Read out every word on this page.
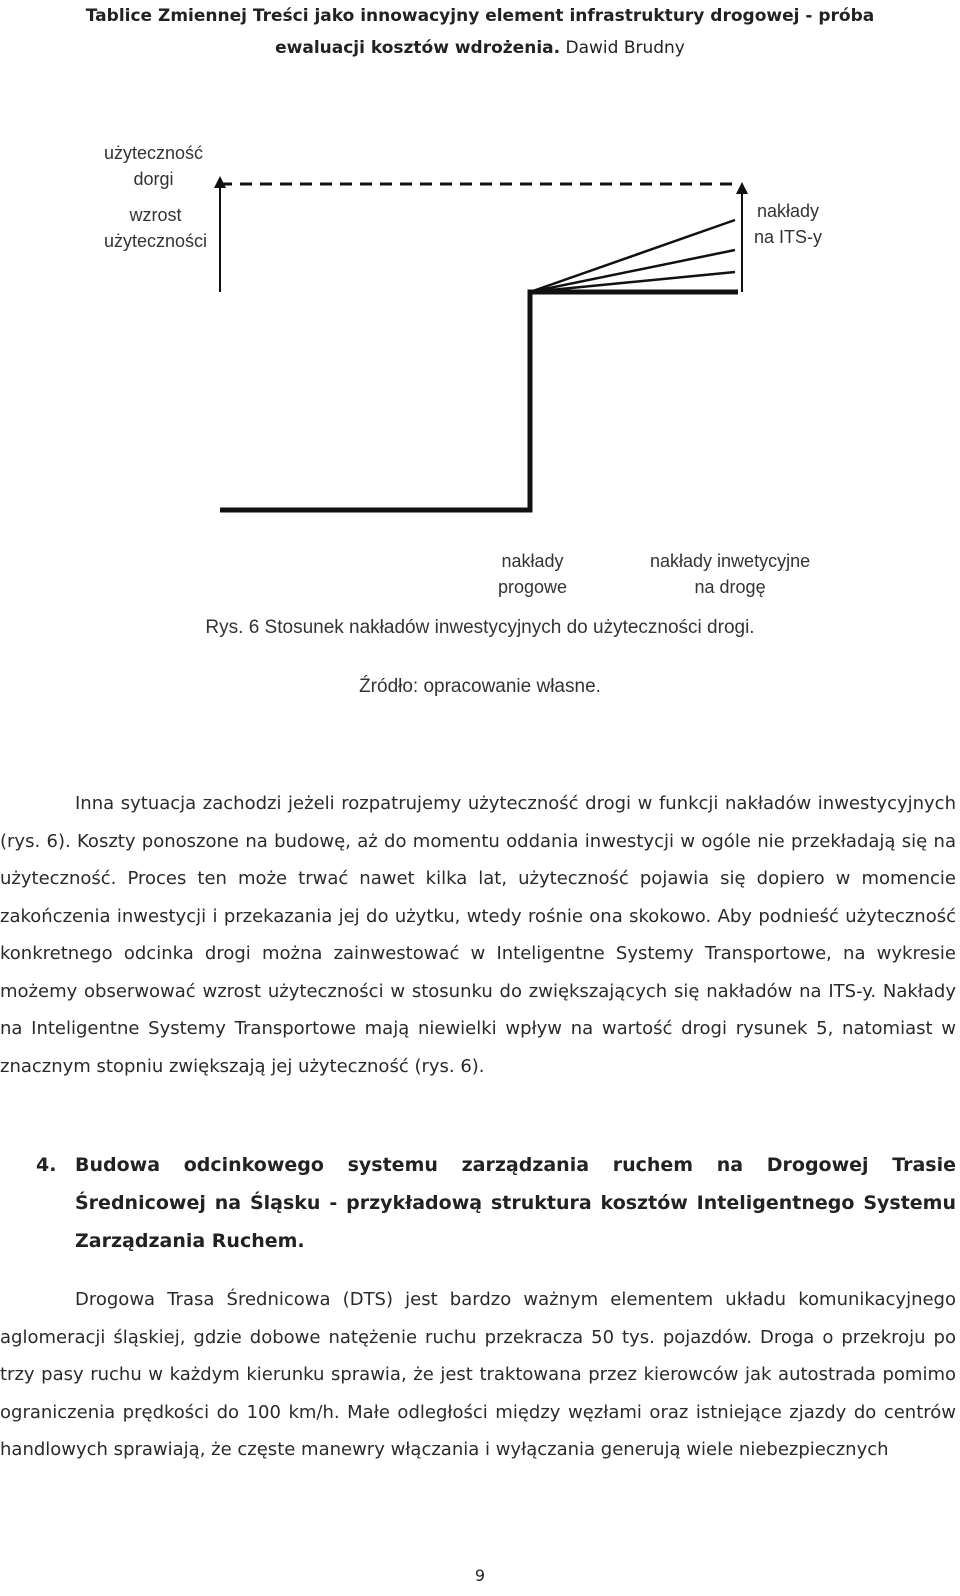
Tablice Zmiennej Treści jako innowacyjny element infrastruktury drogowej - próba
ewaluacji kosztów wdrożenia. Dawid Brudny
użyteczność
dorgi
wzrost
użyteczności
nakłady
na ITS-y
nakłady
progowe
nakłady inwetycyjne
na drogę
Rys. 6 Stosunek nakładów inwestycyjnych do użyteczności drogi.
Źródło: opracowanie własne.
Inna sytuacja zachodzi jeżeli rozpatrujemy użyteczność drogi w funkcji nakładów inwestycyjnych (rys. 6). Koszty ponoszone na budowę, aż do momentu oddania inwestycji w ogóle nie przekładają się na użyteczność. Proces ten może trwać nawet kilka lat, użyteczność pojawia się dopiero w momencie zakończenia inwestycji i przekazania jej do użytku, wtedy rośnie ona skokowo. Aby podnieść użyteczność konkretnego odcinka drogi można zainwestować w Inteligentne Systemy Transportowe, na wykresie możemy obserwować wzrost użyteczności w stosunku do zwiększających się nakładów na ITS-y. Nakłady na Inteligentne Systemy Transportowe mają niewielki wpływ na wartość drogi rysunek 5, natomiast w znacznym stopniu zwiększają jej użyteczność (rys. 6).
4. Budowa odcinkowego systemu zarządzania ruchem na Drogowej Trasie Średnicowej na Śląsku - przykładową struktura kosztów Inteligentnego Systemu Zarządzania Ruchem.
Drogowa Trasa Średnicowa (DTS) jest bardzo ważnym elementem układu komunikacyjnego aglomeracji śląskiej, gdzie dobowe natężenie ruchu przekracza 50 tys. pojazdów. Droga o przekroju po trzy pasy ruchu w każdym kierunku sprawia, że jest traktowana przez kierowców jak autostrada pomimo ograniczenia prędkości do 100 km/h. Małe odległości między węzłami oraz istniejące zjazdy do centrów handlowych sprawiają, że częste manewry włączania i wyłączania generują wiele niebezpiecznych
9
